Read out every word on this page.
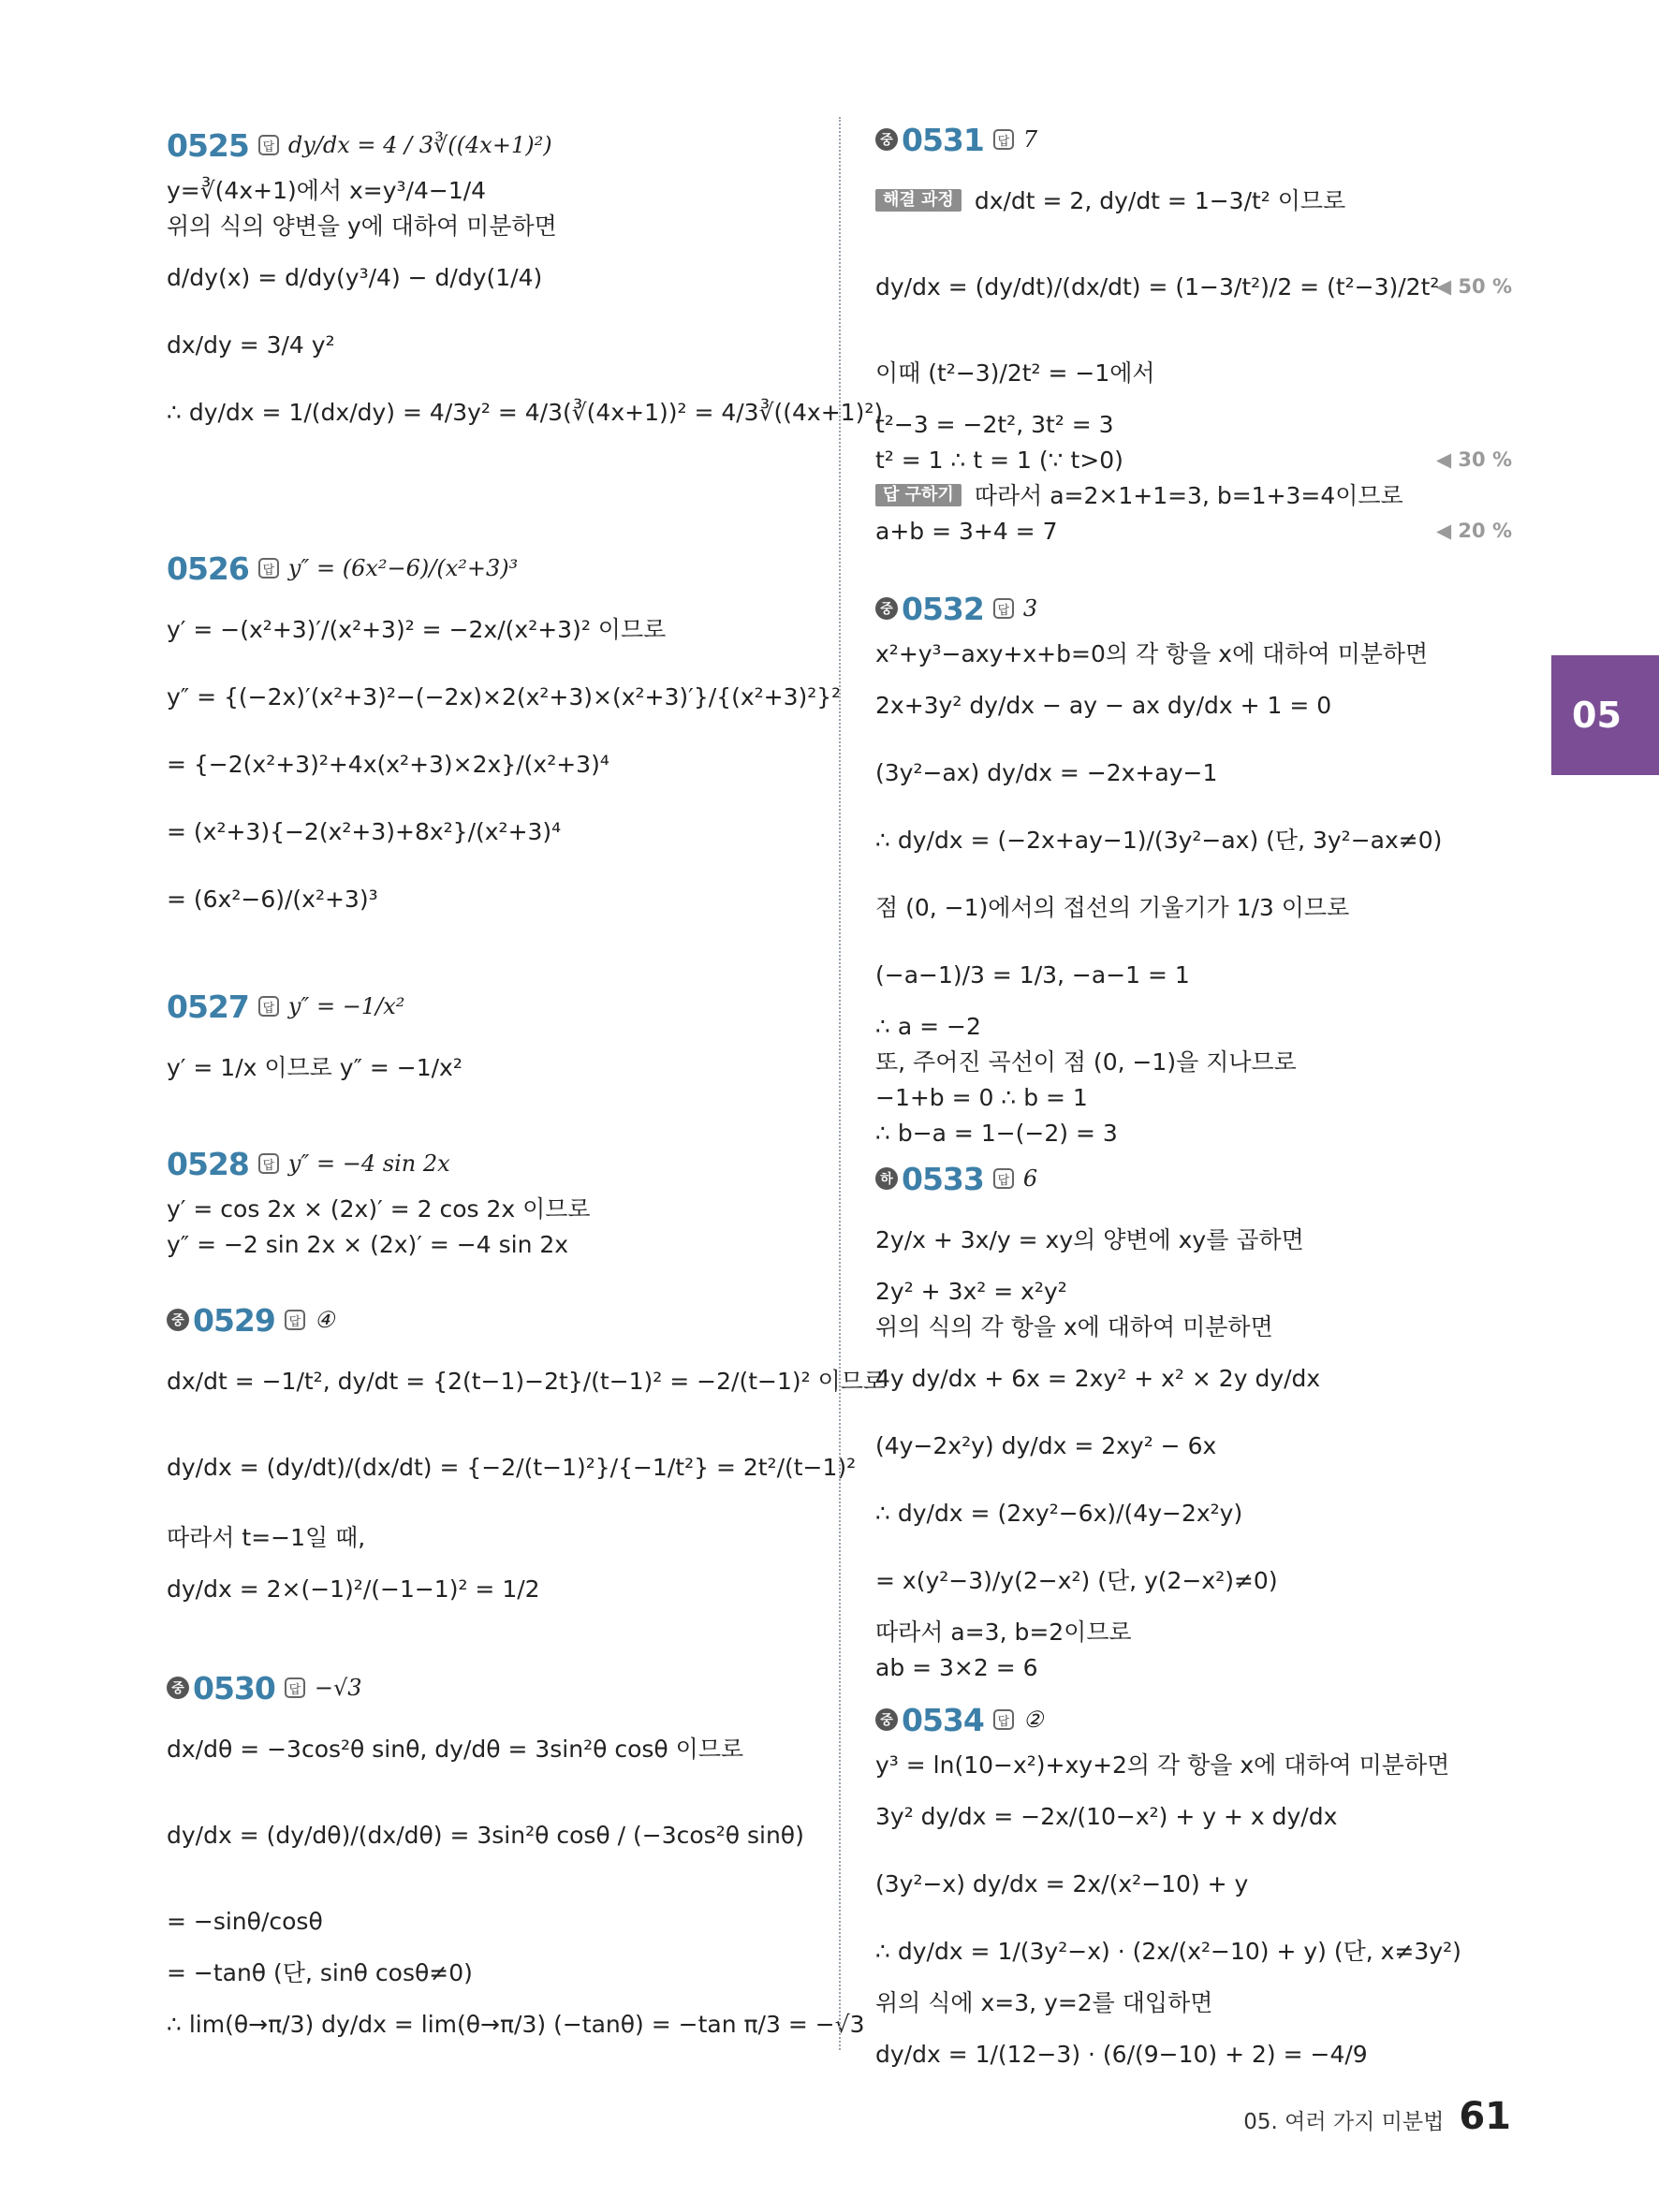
0525	답 dy/dx = 4 / 3∛((4x+1)²)
y=∛(4x+1)에서 x=y³/4−1/4
위의 식의 양변을 y에 대하여 미분하면
d/dy(x) = d/dy(y³/4) − d/dy(1/4)
dx/dy = 3/4 y²
∴ dy/dx = 1/(dx/dy) = 4/3y² = 4/3(∛(4x+1))² = 4/3∛((4x+1)²)
0526	답 y″ = (6x²−6)/(x²+3)³
y′ = −(x²+3)′/(x²+3)² = −2x/(x²+3)² 이므로
y″ = {(−2x)′(x²+3)²−(−2x)×2(x²+3)×(x²+3)′}/{(x²+3)²}²
= {−2(x²+3)²+4x(x²+3)×2x}/(x²+3)⁴
= (x²+3){−2(x²+3)+8x²}/(x²+3)⁴
= (6x²−6)/(x²+3)³
0527	답 y″ = −1/x²
y′ = 1/x 이므로 y″ = −1/x²
0528	답 y″ = −4 sin 2x
y′ = cos 2x × (2x)′ = 2 cos 2x 이므로
y″ = −2 sin 2x × (2x)′ = −4 sin 2x
중 0529	답 ④
dx/dt = −1/t², dy/dt = {2(t−1)−2t}/(t−1)² = −2/(t−1)² 이므로
dy/dx = (dy/dt)/(dx/dt) = {−2/(t−1)²}/{−1/t²} = 2t²/(t−1)²
따라서 t=−1일 때,
dy/dx = 2×(−1)²/(−1−1)² = 1/2
중 0530	답 −√3
dx/dθ = −3cos²θ sinθ, dy/dθ = 3sin²θ cosθ 이므로
dy/dx = (dy/dθ)/(dx/dθ) = 3sin²θ cosθ / (−3cos²θ sinθ)
= −sinθ/cosθ
= −tanθ (단, sinθ cosθ≠0)
∴ lim(θ→π/3) dy/dx = lim(θ→π/3) (−tanθ) = −tan π/3 = −√3
중 0531	답 7
해결 과정 dx/dt = 2, dy/dt = 1−3/t² 이므로
dy/dx = (dy/dt)/(dx/dt) = (1−3/t²)/2 = (t²−3)/2t²
◀ 50 %
이때 (t²−3)/2t² = −1에서
t²−3 = −2t², 3t² = 3
t² = 1 ∴ t = 1 (∵ t>0)	◀ 30 %
답 구하기 따라서 a=2×1+1=3, b=1+3=4이므로
a+b = 3+4 = 7	◀ 20 %
중 0532	답 3
x²+y³−axy+x+b=0의 각 항을 x에 대하여 미분하면
2x+3y² dy/dx − ay − ax dy/dx + 1 = 0
(3y²−ax) dy/dx = −2x+ay−1
∴ dy/dx = (−2x+ay−1)/(3y²−ax) (단, 3y²−ax≠0)
점 (0, −1)에서의 접선의 기울기가 1/3 이므로
(−a−1)/3 = 1/3, −a−1 = 1
∴ a = −2
또, 주어진 곡선이 점 (0, −1)을 지나므로
−1+b = 0 ∴ b = 1
∴ b−a = 1−(−2) = 3
하 0533	답 6
2y/x + 3x/y = xy의 양변에 xy를 곱하면
2y² + 3x² = x²y²
위의 식의 각 항을 x에 대하여 미분하면
4y dy/dx + 6x = 2xy² + x² × 2y dy/dx
(4y−2x²y) dy/dx = 2xy² − 6x
∴ dy/dx = (2xy²−6x)/(4y−2x²y)
= x(y²−3)/y(2−x²) (단, y(2−x²)≠0)
따라서 a=3, b=2이므로
ab = 3×2 = 6
중 0534	답 ②
y³ = ln(10−x²)+xy+2의 각 항을 x에 대하여 미분하면
3y² dy/dx = −2x/(10−x²) + y + x dy/dx
(3y²−x) dy/dx = 2x/(x²−10) + y
∴ dy/dx = 1/(3y²−x) · (2x/(x²−10) + y) (단, x≠3y²)
위의 식에 x=3, y=2를 대입하면
dy/dx = 1/(12−3) · (6/(9−10) + 2) = −4/9
05
05. 여러 가지 미분법 61
